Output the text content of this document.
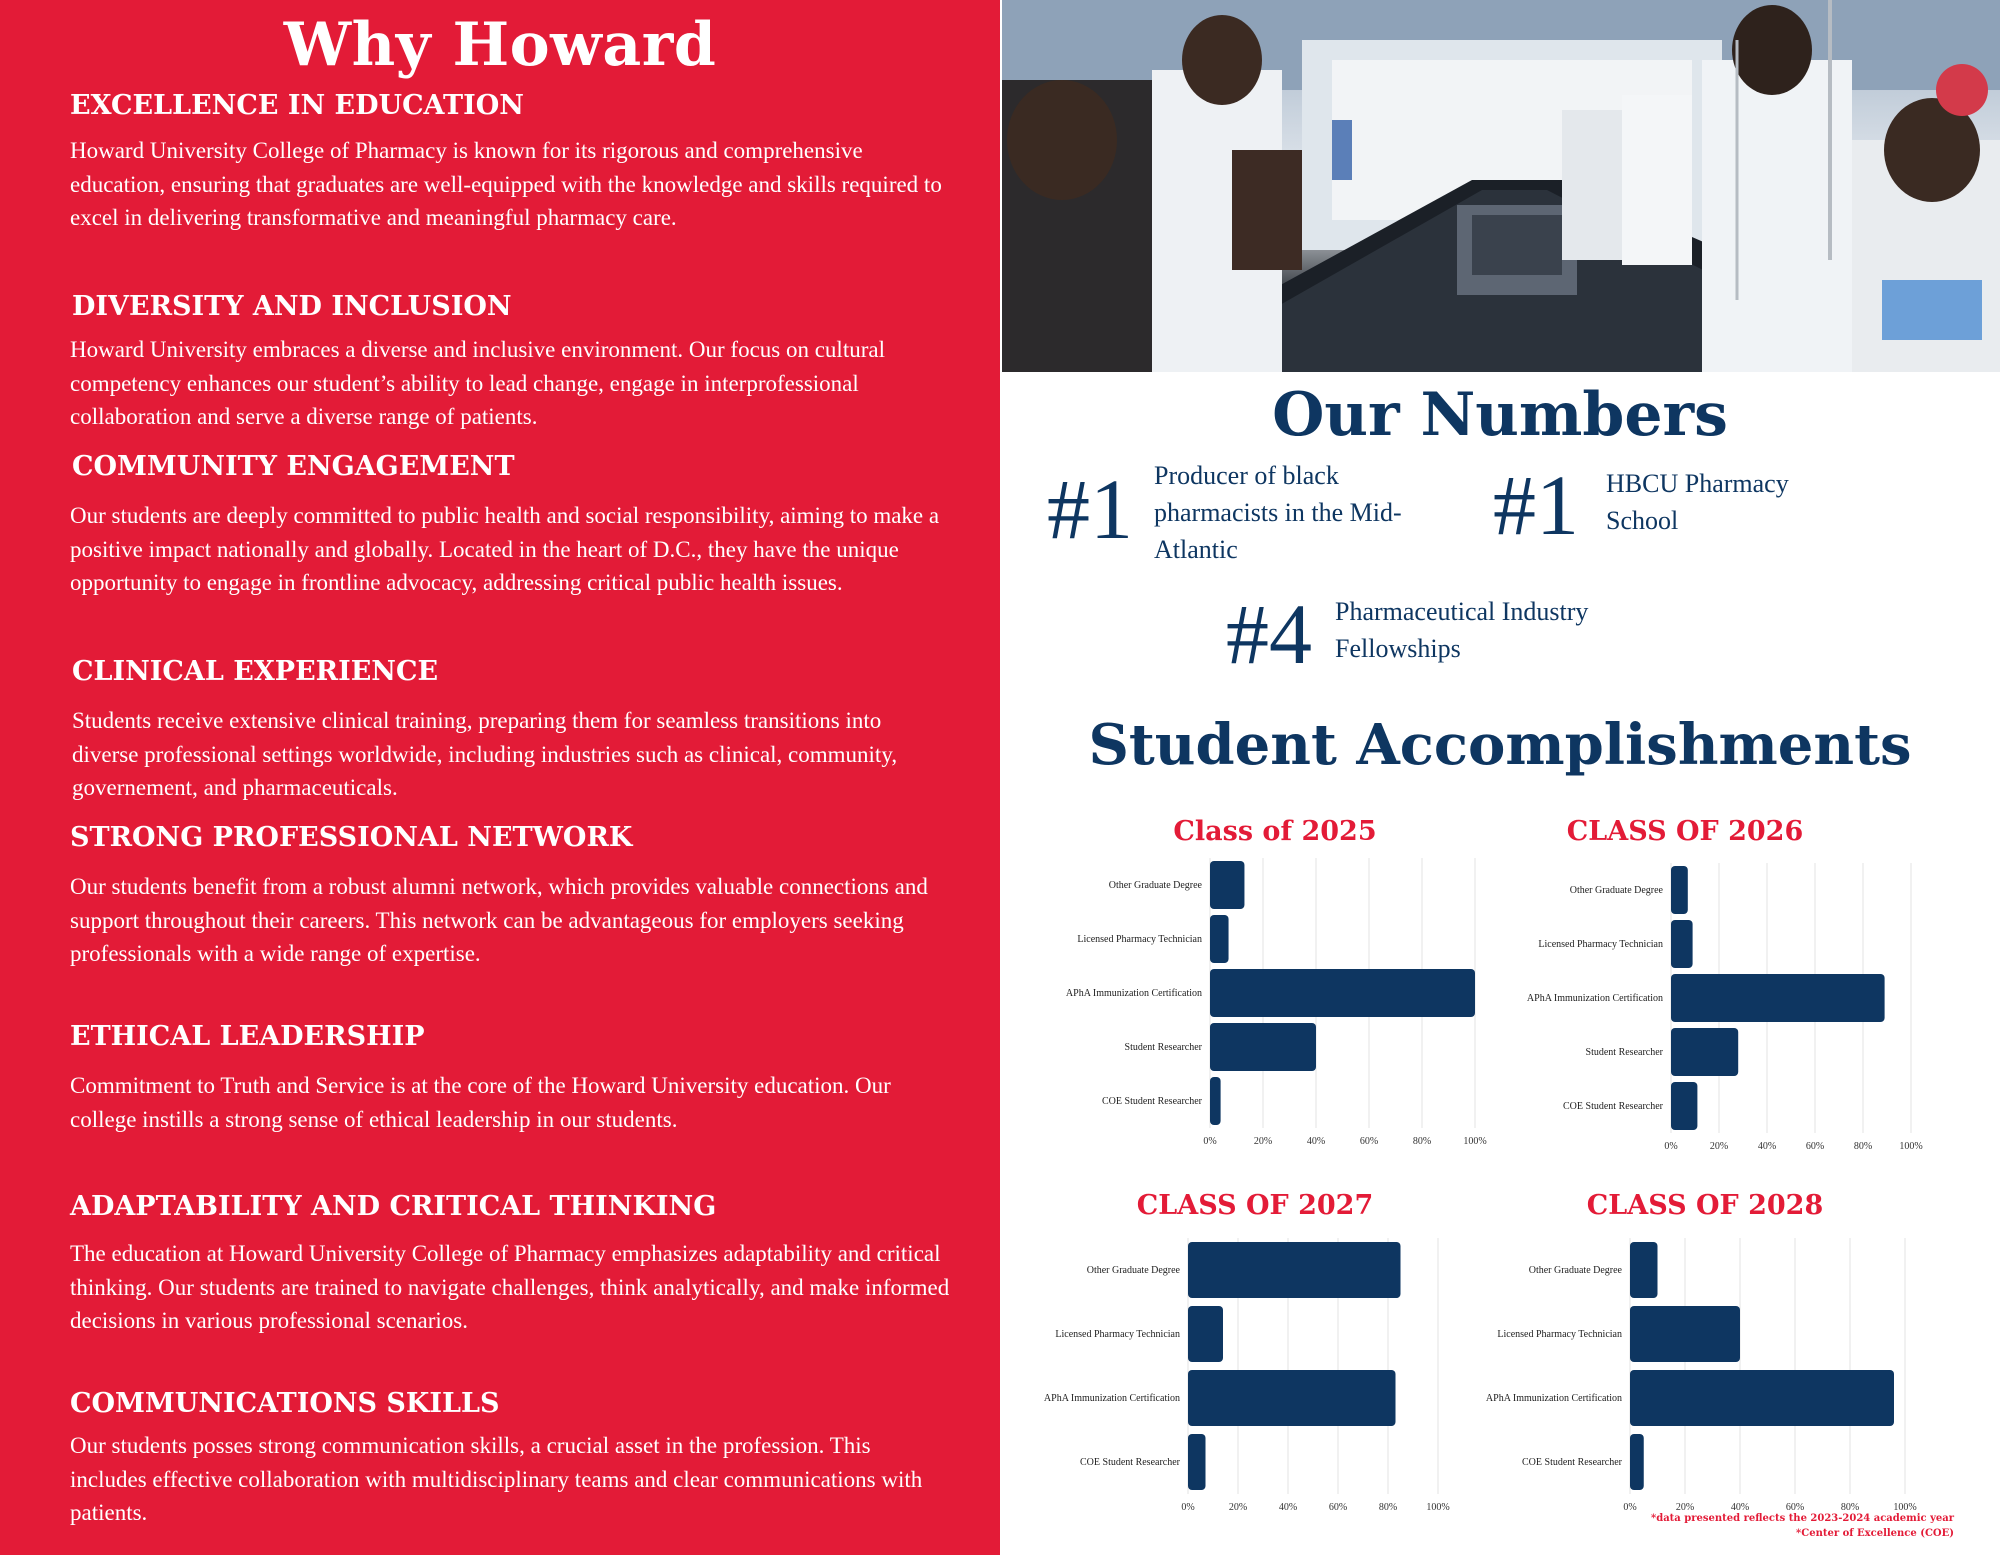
Why Howard
EXCELLENCE IN EDUCATION

Howard University College of Pharmacy is known for its rigorous and comprehensive education, ensuring that graduates are well-equipped with the knowledge and skills required to excel in delivering transformative and meaningful pharmacy care.

DIVERSITY AND INCLUSION

Howard University embraces a diverse and inclusive environment. Our focus on cultural competency enhances our student’s ability to lead change, engage in interprofessional collaboration and serve a diverse range of patients.

COMMUNITY ENGAGEMENT

Our students are deeply committed to public health and social responsibility, aiming to make a positive impact nationally and globally. Located in the heart of D.C., they have the unique opportunity to engage in frontline advocacy, addressing critical public health issues.

CLINICAL EXPERIENCE

Students receive extensive clinical training, preparing them for seamless transitions into diverse professional settings worldwide, including industries such as clinical, community, governement, and pharmaceuticals.

STRONG PROFESSIONAL NETWORK

Our students benefit from a robust alumni network, which provides valuable connections and support throughout their careers. This network can be advantageous for employers seeking professionals with a wide range of expertise.

ETHICAL LEADERSHIP

Commitment to Truth and Service is at the core of the Howard University education. Our college instills a strong sense of ethical leadership in our students.

ADAPTABILITY AND CRITICAL THINKING

The education at Howard University College of Pharmacy emphasizes adaptability and critical thinking. Our students are trained to navigate challenges, think analytically, and make informed decisions in various professional scenarios.

COMMUNICATIONS SKILLS

Our students posses strong communication skills, a crucial asset in the profession. This includes effective collaboration with multidisciplinary teams and clear communications with patients.

Our Numbers
#1 Producer of black pharmacists in the Mid-Atlantic	#1 HBCU Pharmacy School
#4 Pharmaceutical Industry Fellowships
Student Accomplishments
Class of 2025	CLASS OF 2026
CLASS OF 2027	CLASS OF 2028
0%	20%	40%	60%	80%	100%
Other Graduate Degree
Licensed Pharmacy Technician
APhA Immunization Certification
Student Researcher
COE Student Researcher
0%	20%	40%	60%	80%	100%
Other Graduate Degree
Licensed Pharmacy Technician
APhA Immunization Certification
Student Researcher
COE Student Researcher
0%	20%	40%	60%	80%	100%
Other Graduate Degree
Licensed Pharmacy Technician
APhA Immunization Certification
COE Student Researcher
0%	20%	40%	60%	80%	100%
Other Graduate Degree
Licensed Pharmacy Technician
APhA Immunization Certification
COE Student Researcher
*data presented reflects the 2023-2024 academic year
*Center of Excellence (COE)
